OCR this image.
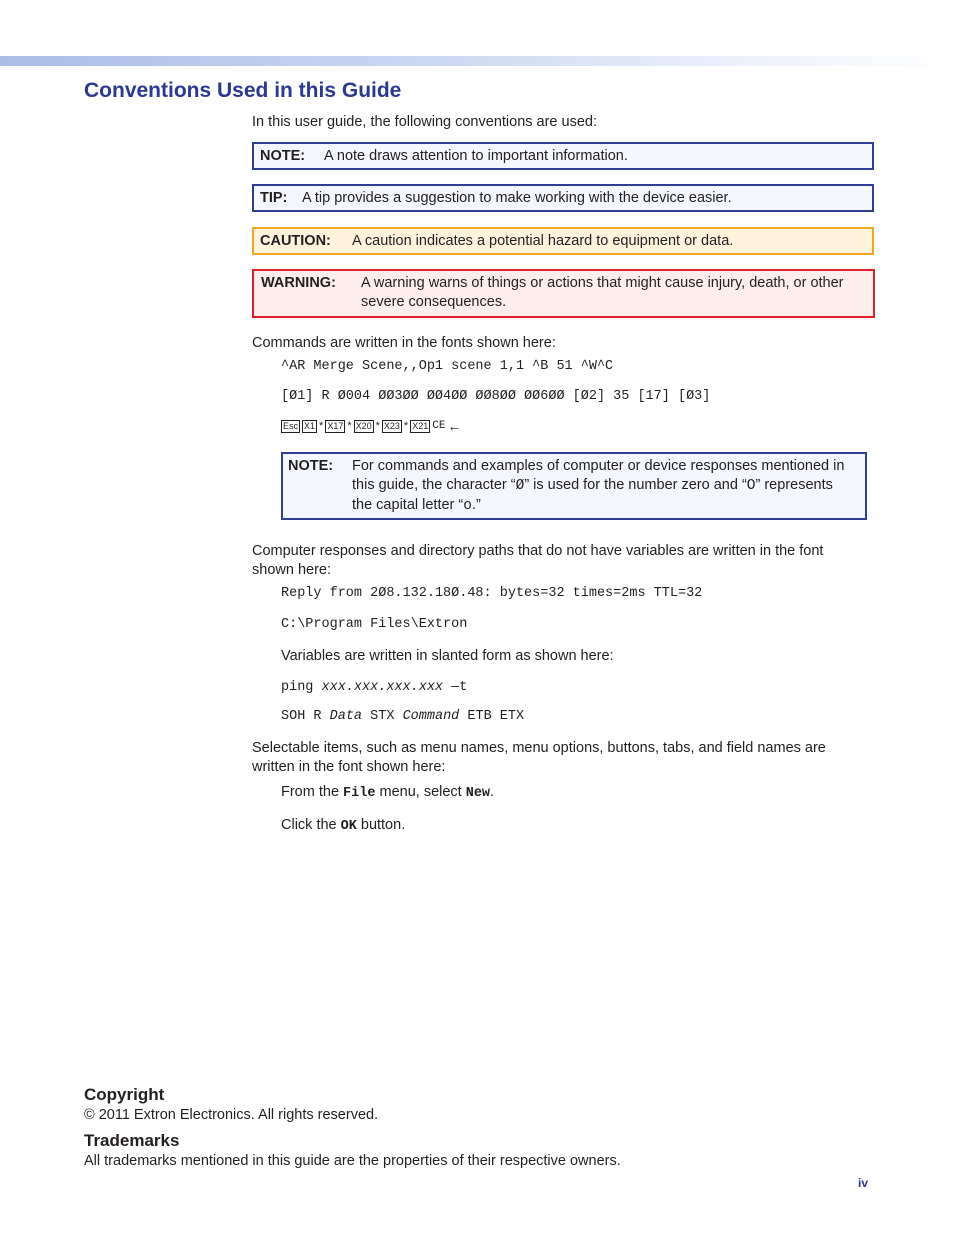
Conventions Used in this Guide
In this user guide, the following conventions are used:
NOTE:	A note draws attention to important information.
TIP:	A tip provides a suggestion to make working with the device easier.
CAUTION:	A caution indicates a potential hazard to equipment or data.
WARNING:	A warning warns of things or actions that might cause injury, death, or other severe consequences.
Commands are written in the fonts shown here:
^AR Merge Scene,,Op1 scene 1,1 ^B 51 ^W^C
[Ø1] R Ø004 ØØ3ØØ ØØ4ØØ ØØ8ØØ ØØ6ØØ [Ø2] 35 [17] [Ø3]
Esc X1 * X17 * X20 * X23 * X21 CE ←
NOTE:	For commands and examples of computer or device responses mentioned in this guide, the character “Ø” is used for the number zero and “O” represents the capital letter “o.”
Computer responses and directory paths that do not have variables are written in the font shown here:
Reply from 2Ø8.132.18Ø.48: bytes=32 times=2ms TTL=32
C:\Program Files\Extron
Variables are written in slanted form as shown here:
ping xxx.xxx.xxx.xxx —t
SOH R Data STX Command ETB ETX
Selectable items, such as menu names, menu options, buttons, tabs, and field names are written in the font shown here:
From the File menu, select New.
Click the OK button.
Copyright
© 2011 Extron Electronics. All rights reserved.
Trademarks
All trademarks mentioned in this guide are the properties of their respective owners.
iv
